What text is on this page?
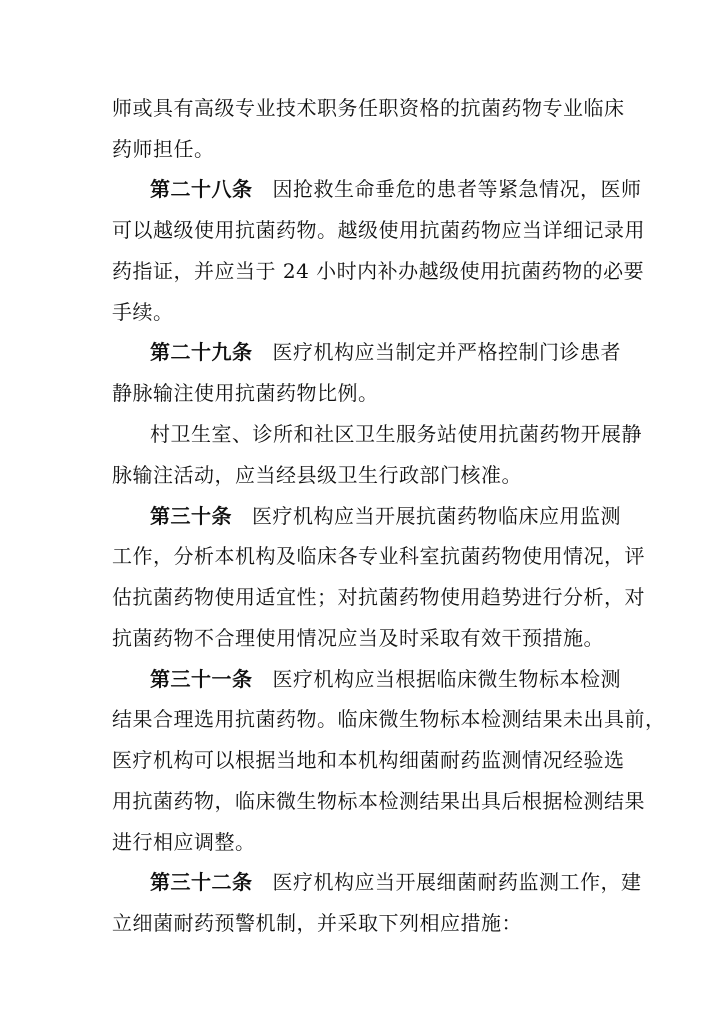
师或具有高级专业技术职务任职资格的抗菌药物专业临床
药师担任。
第二十八条 因抢救生命垂危的患者等紧急情况，医师
可以越级使用抗菌药物。越级使用抗菌药物应当详细记录用
药指证，并应当于 24 小时内补办越级使用抗菌药物的必要
手续。
第二十九条 医疗机构应当制定并严格控制门诊患者
静脉输注使用抗菌药物比例。
村卫生室、诊所和社区卫生服务站使用抗菌药物开展静
脉输注活动，应当经县级卫生行政部门核准。
第三十条 医疗机构应当开展抗菌药物临床应用监测
工作，分析本机构及临床各专业科室抗菌药物使用情况，评
估抗菌药物使用适宜性；对抗菌药物使用趋势进行分析，对
抗菌药物不合理使用情况应当及时采取有效干预措施。
第三十一条 医疗机构应当根据临床微生物标本检测
结果合理选用抗菌药物。临床微生物标本检测结果未出具前，
医疗机构可以根据当地和本机构细菌耐药监测情况经验选
用抗菌药物，临床微生物标本检测结果出具后根据检测结果
进行相应调整。
第三十二条 医疗机构应当开展细菌耐药监测工作，建
立细菌耐药预警机制，并采取下列相应措施：
